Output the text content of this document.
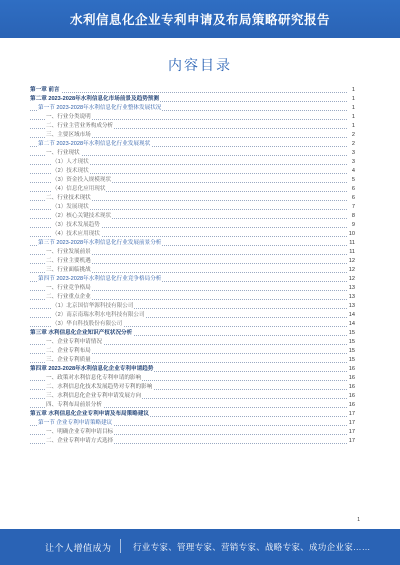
水利信息化企业专利申请及布局策略研究报告
内容目录
第一章 前言	1
第二章 2023-2028年水利信息化市场前景及趋势预测	1
第一节 2023-2028年水利信息化行业整体发展状况	1
一、行业分类说明	1
二、行业主营业务构成分析	1
三、主要区域市场	2
第二节 2023-2028年水利信息化行业发展现状	2
一、行业现状	3
（1）人才现状	3
（2）技术现状	4
（3）资金投入规模现状	5
（4）信息化应用现状	6
二、行业技术现状	6
（1）发展现状	7
（2）核心关键技术现状	8
（3）技术发展趋势	9
（4）技术应用现状	10
第三节 2023-2028年水利信息化行业发展前景分析	11
一、行业发展前景	11
二、行业主要机遇	12
三、行业面临挑战	12
第四节 2023-2028年水利信息化行业竞争格局分析	12
一、行业竞争格局	13
二、行业重点企业	13
（1）北京国信华源科技有限公司	13
（2）南京南瑞水利水电科技有限公司	14
（3）华自科技股份有限公司	14
第三章 水利信息化企业知识产权状况分析	15
一、企业专利申请情况	15
二、企业专利布局	15
三、企业专利质量	15
第四章 2023-2028年水利信息化企业专利申请趋势	16
一、政策对水利信息化专利申请的影响	16
二、水利信息化技术发展趋势对专利的影响	16
三、水利信息化企业专利申请发展方向	16
四、专利布局前景分析	16
第五章 水利信息化企业专利申请及布局策略建议	17
第一节 企业专利申请策略建议	17
一、明确企业专利申请目标	17
二、企业专利申请方式选择	17
1
让个人增值成为	行业专家、管理专家、营销专家、战略专家、成功企业家……
